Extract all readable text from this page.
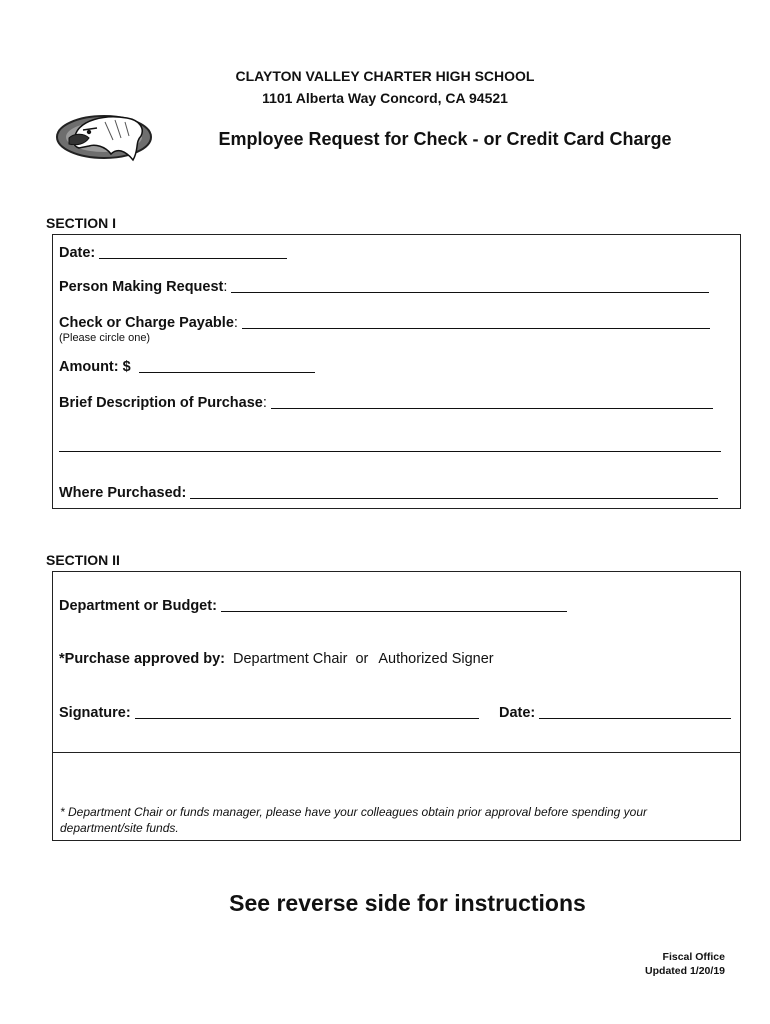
CLAYTON VALLEY CHARTER HIGH SCHOOL
1101 Alberta Way Concord, CA 94521
Employee Request for Check - or Credit Card Charge
SECTION I
Date:
Person Making Request :
Check or Charge Payable :
(Please circle one)
Amount: $
Brief Description of Purchase :
Where Purchased:
SECTION II
Department or Budget:
*Purchase approved by: Department Chair or Authorized Signer
Signature:	Date:
* Department Chair or funds manager, please have your colleagues obtain prior approval before spending your department/site funds.
See reverse side for instructions
Fiscal Office
Updated 1/20/19
